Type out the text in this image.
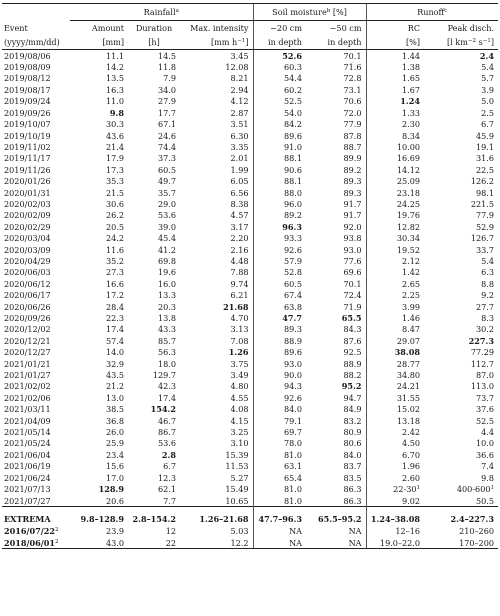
	Rainfall$^a$			Soil moisture$^b$ [%]		Runoff$^c$
Event	Amount	Duration	Max. intensity	−20 cm	−50 cm	RC	Peak disch.
(yyyy/mm/dd)	[mm]	[h]	[mm $h^{-1}$]	in depth	in depth	[%]	[l $km^{-2}$ $s^{-1}$]
2019/08/06	11.1	14.5	3.45	52.6	70.1	1.44	2.4
2019/08/09	14.2	11.8	12.08	60.3	71.6	1.38	5.4
2019/08/12	13.5	7.9	8.21	54.4	72.8	1.65	5.7
2019/08/17	16.3	34.0	2.94	60.2	73.1	1.67	3.9
2019/09/24	11.0	27.9	4.12	52.5	70.6	1.24	5.0
2019/09/26	9.8	17.7	2.87	54.0	72.0	1.33	2.5
2019/10/07	30.3	67.1	3.51	84.2	77.9	2.30	6.7
2019/10/19	43.6	24.6	6.30	89.6	87.8	8.34	45.9
2019/11/02	21.4	74.4	3.35	91.0	88.7	10.00	19.1
2019/11/17	17.9	37.3	2.01	88.1	89.9	16.69	31.6
2019/11/26	17.3	60.5	1.99	90.6	89.2	14.12	22.5
2020/01/26	35.3	49.7	6.05	88.1	89.3	25.09	126.2
2020/01/31	21.5	35.7	6.56	88.0	89.3	23.18	98.1
2020/02/03	30.6	29.0	8.38	96.0	91.7	24.25	221.5
2020/02/09	26.2	53.6	4.57	89.2	91.7	19.76	77.9
2020/02/29	20.5	39.0	3.17	96.3	92.0	12.82	52.9
2020/03/04	24.2	45.4	2.20	93.3	93.8	30.34	126.7
2020/03/09	11.6	41.2	2.16	92.6	93.0	19.52	33.7
2020/04/29	35.2	69.8	4.48	57.9	77.6	2.12	5.4
2020/06/03	27.3	19.6	7.88	52.8	69.6	1.42	6.3
2020/06/12	16.6	16.0	9.74	60.5	70.1	2.65	8.8
2020/06/17	17.2	13.3	6.21	67.4	72.4	2.25	9.2
2020/06/26	28.4	20.3	21.68	63.8	71.9	3.99	27.7
2020/09/26	22.3	13.8	4.70	47.7	65.5	1.46	8.3
2020/12/02	17.4	43.3	3.13	89.3	84.3	8.47	30.2
2020/12/21	57.4	85.7	7.08	88.9	87.6	29.07	227.3
2020/12/27	14.0	56.3	1.26	89.6	92.5	38.08	77.29
2021/01/21	32.9	18.0	3.75	93.0	88.9	28.77	112.7
2021/01/27	43.5	129.7	3.49	90.0	88.2	34.80	87.0
2021/02/02	21.2	42.3	4.80	94.3	95.2	24.21	113.0
2021/02/06	13.0	17.4	4.55	92.6	94.7	31.55	73.7
2021/03/11	38.5	154.2	4.08	84.0	84.9	15.02	37.6
2021/04/09	36.8	46.7	4.15	79.1	83.2	13.18	52.5
2021/05/14	26.0	86.7	3.25	69.7	80.9	2.42	4.4
2021/05/24	25.9	53.6	3.10	78.0	80.6	4.50	10.0
2021/06/04	23.4	2.8	15.39	81.0	84.0	6.70	36.6
2021/06/19	15.6	6.7	11.53	63.1	83.7	1.96	7.4
2021/06/24	17.0	12.3	5.27	65.4	83.5	2.60	9.8
2021/07/13	128.9	62.1	15.49	81.0	86.3	$22-30^1$	$400-600^1$
2021/07/27	20.6	7.7	10.65	81.0	86.3	9.02	50.5

EXTREMA	9.8–128.9	2.8–154.2	1.26–21.68	47.7–96.3	65.5–95.2	1.24–38.08	2.4–227.3
$2016/07/22^2$	23.9	12	5.03	NA	NA	12–16	210–260
$2018/06/01^2$	43.0	22	12.2	NA	NA	19.0–22.0	170–200
